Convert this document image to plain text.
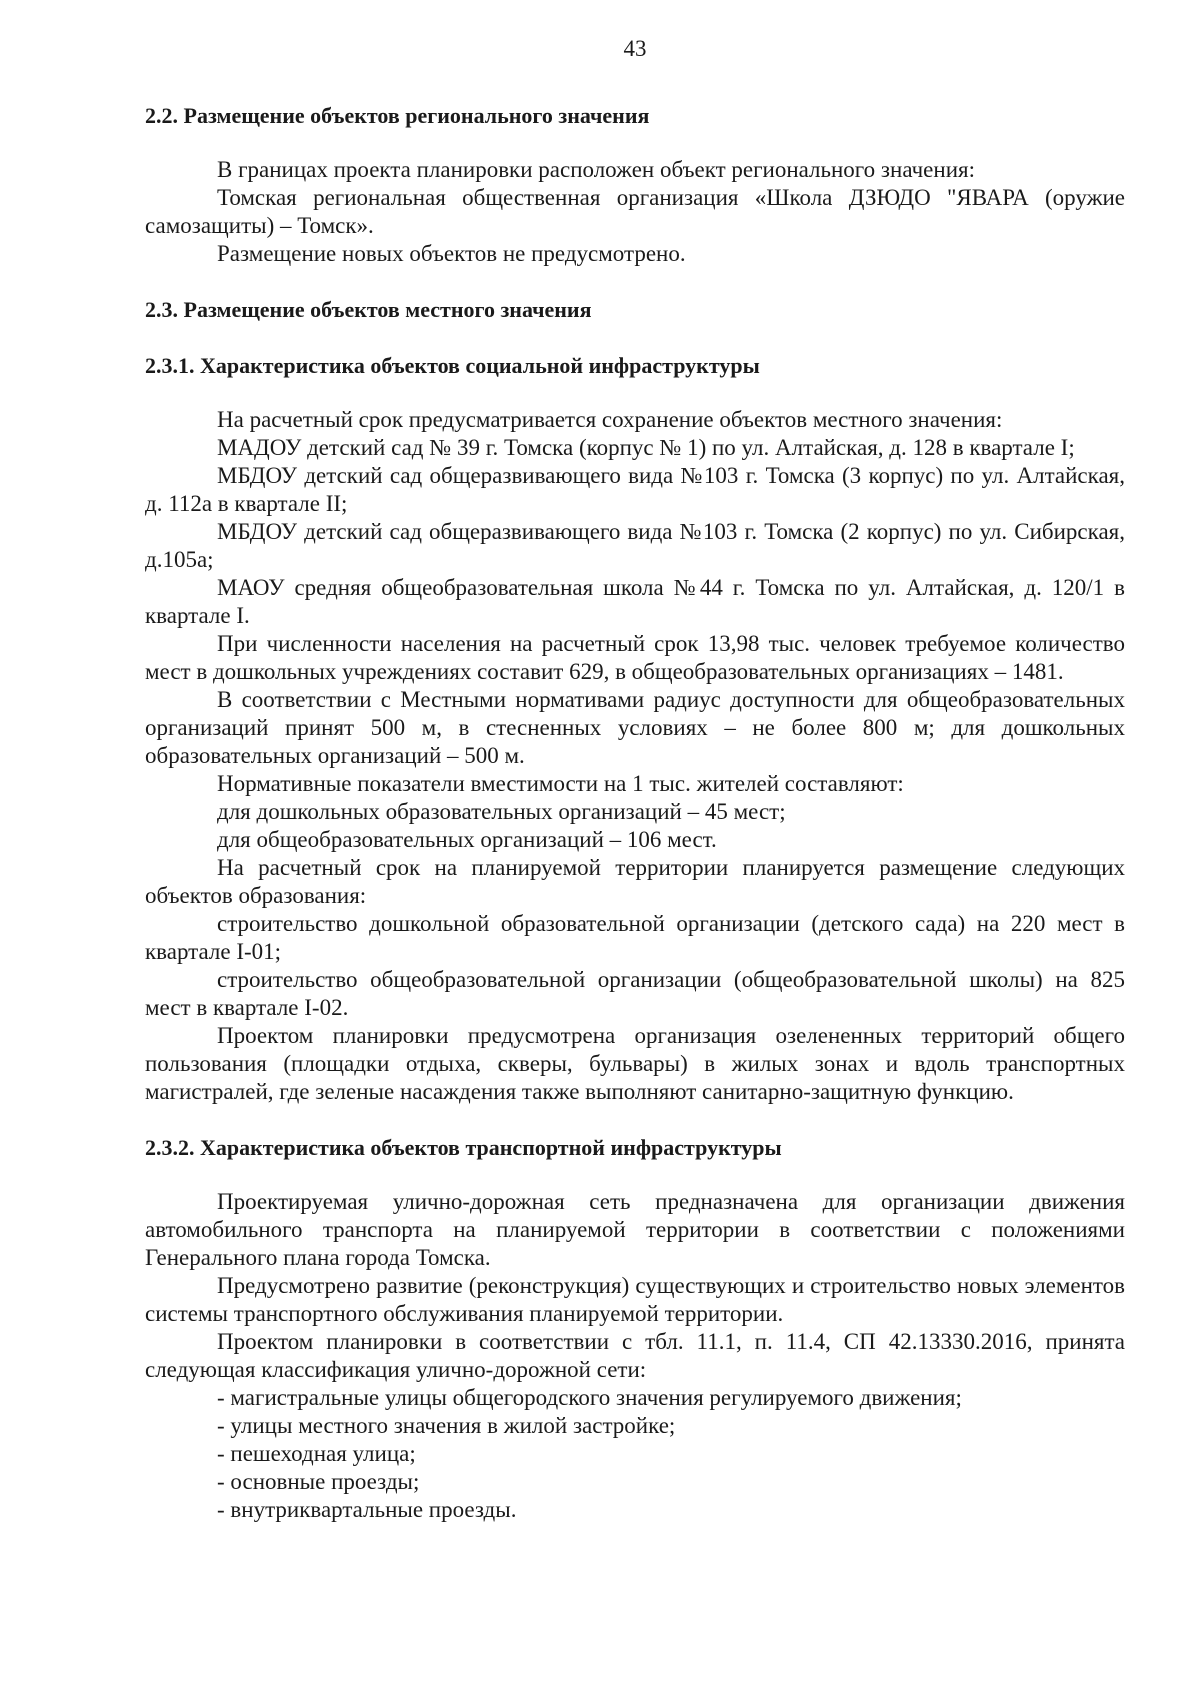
43
2.2. Размещение объектов регионального значения

В границах проекта планировки расположен объект регионального значения:

Томская региональная общественная организация «Школа ДЗЮДО "ЯВАРА (оружие самозащиты) – Томск».

Размещение новых объектов не предусмотрено.

2.3. Размещение объектов местного значения
2.3.1. Характеристика объектов социальной инфраструктуры

На расчетный срок предусматривается сохранение объектов местного значения:

МАДОУ детский сад № 39 г. Томска (корпус № 1) по ул. Алтайская, д. 128 в квартале I;

МБДОУ детский сад общеразвивающего вида №103 г. Томска (3 корпус) по ул. Алтайская, д. 112а в квартале II;

МБДОУ детский сад общеразвивающего вида №103 г. Томска (2 корпус) по ул. Сибирская, д.105а;

МАОУ средняя общеобразовательная школа №44 г. Томска по ул. Алтайская, д. 120/1 в квартале I.

При численности населения на расчетный срок 13,98 тыс. человек требуемое количество мест в дошкольных учреждениях составит 629, в общеобразовательных организациях – 1481.

В соответствии с Местными нормативами радиус доступности для общеобразовательных организаций принят 500 м, в стесненных условиях – не более 800 м; для дошкольных образовательных организаций – 500 м.

Нормативные показатели вместимости на 1 тыс. жителей составляют:

для дошкольных образовательных организаций – 45 мест;

для общеобразовательных организаций – 106 мест.

На расчетный срок на планируемой территории планируется размещение следующих объектов образования:

строительство дошкольной образовательной организации (детского сада) на 220 мест в квартале I-01;

строительство общеобразовательной организации (общеобразовательной школы) на 825 мест в квартале I-02.

Проектом планировки предусмотрена организация озелененных территорий общего пользования (площадки отдыха, скверы, бульвары) в жилых зонах и вдоль транспортных магистралей, где зеленые насаждения также выполняют санитарно-защитную функцию.

2.3.2. Характеристика объектов транспортной инфраструктуры

Проектируемая улично-дорожная сеть предназначена для организации движения автомобильного транспорта на планируемой территории в соответствии с положениями Генерального плана города Томска.

Предусмотрено развитие (реконструкция) существующих и строительство новых элементов системы транспортного обслуживания планируемой территории.

Проектом планировки в соответствии с тбл. 11.1, п. 11.4, СП 42.13330.2016, принята следующая классификация улично-дорожной сети:

- магистральные улицы общегородского значения регулируемого движения;

- улицы местного значения в жилой застройке;

- пешеходная улица;

- основные проезды;

- внутриквартальные проезды.
